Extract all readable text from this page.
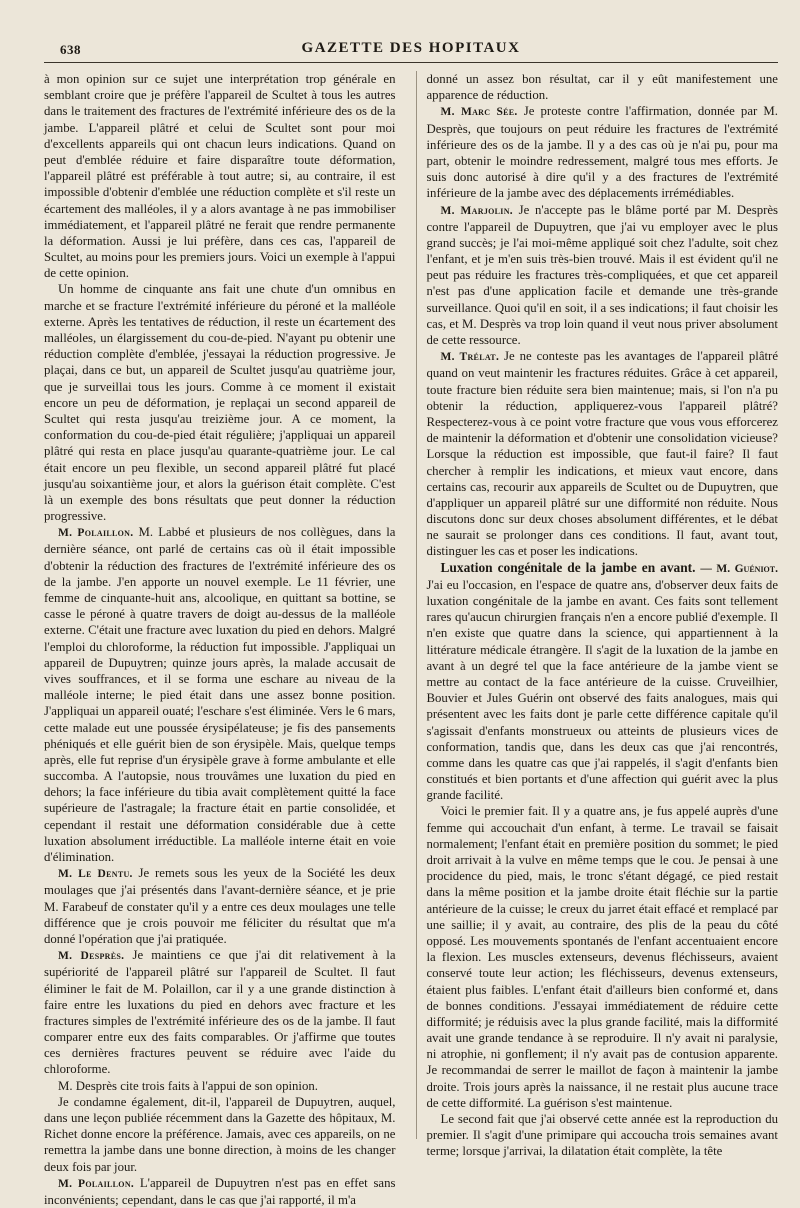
638	GAZETTE DES HOPITAUX

à mon opinion sur ce sujet une interprétation trop générale en semblant croire que je préfère l'appareil de Scultet à tous les autres dans le traitement des fractures de l'extrémité inférieure des os de la jambe. L'appareil plâtré et celui de Scultet sont pour moi d'excellents appareils qui ont chacun leurs indications. Quand on peut d'emblée réduire et faire disparaître toute déformation, l'appareil plâtré est préférable à tout autre; si, au contraire, il est impossible d'obtenir d'emblée une réduction complète et s'il reste un écartement des malléoles, il y a alors avantage à ne pas immobiliser immédiatement, et l'appareil plâtré ne ferait que rendre permanente la déformation. Aussi je lui préfère, dans ces cas, l'appareil de Scultet, au moins pour les premiers jours. Voici un exemple à l'appui de cette opinion.

Un homme de cinquante ans fait une chute d'un omnibus en marche et se fracture l'extrémité inférieure du péroné et la malléole externe. Après les tentatives de réduction, il reste un écartement des malléoles, un élargissement du cou-de-pied. N'ayant pu obtenir une réduction complète d'emblée, j'essayai la réduction progressive. Je plaçai, dans ce but, un appareil de Scultet jusqu'au quatrième jour, que je surveillai tous les jours. Comme à ce moment il existait encore un peu de déformation, je replaçai un second appareil de Scultet qui resta jusqu'au treizième jour. A ce moment, la conformation du cou-de-pied était régulière; j'appliquai un appareil plâtré qui resta en place jusqu'au quarante-quatrième jour. Le cal était encore un peu flexible, un second appareil plâtré fut placé jusqu'au soixantième jour, et alors la guérison était complète. C'est là un exemple des bons résultats que peut donner la réduction progressive.

M. Polaillon. M. Labbé et plusieurs de nos collègues, dans la dernière séance, ont parlé de certains cas où il était impossible d'obtenir la réduction des fractures de l'extrémité inférieure des os de la jambe. J'en apporte un nouvel exemple. Le 11 février, une femme de cinquante-huit ans, alcoolique, en quittant sa bottine, se casse le péroné à quatre travers de doigt au-dessus de la malléole externe. C'était une fracture avec luxation du pied en dehors. Malgré l'emploi du chloroforme, la réduction fut impossible. J'appliquai un appareil de Dupuytren; quinze jours après, la malade accusait de vives souffrances, et il se forma une eschare au niveau de la malléole interne; le pied était dans une assez bonne position. J'appliquai un appareil ouaté; l'eschare s'est éliminée. Vers le 6 mars, cette malade eut une poussée érysipélateuse; je fis des pansements phéniqués et elle guérit bien de son érysipèle. Mais, quelque temps après, elle fut reprise d'un érysipèle grave à forme ambulante et elle succomba. A l'autopsie, nous trouvâmes une luxation du pied en dehors; la face inférieure du tibia avait complètement quitté la face supérieure de l'astragale; la fracture était en partie consolidée, et cependant il restait une déformation considérable due à cette luxation absolument irréductible. La malléole interne était en voie d'élimination.

M. Le Dentu. Je remets sous les yeux de la Société les deux moulages que j'ai présentés dans l'avant-dernière séance, et je prie M. Farabeuf de constater qu'il y a entre ces deux moulages une telle différence que je crois pouvoir me féliciter du résultat que m'a donné l'opération que j'ai pratiquée.

M. Desprès. Je maintiens ce que j'ai dit relativement à la supériorité de l'appareil plâtré sur l'appareil de Scultet. Il faut éliminer le fait de M. Polaillon, car il y a une grande distinction à faire entre les luxations du pied en dehors avec fracture et les fractures simples de l'extrémité inférieure des os de la jambe. Il faut comparer entre eux des faits comparables. Or j'affirme que toutes ces dernières fractures peuvent se réduire avec l'aide du chloroforme.

M. Desprès cite trois faits à l'appui de son opinion.

Je condamne également, dit-il, l'appareil de Dupuytren, auquel, dans une leçon publiée récemment dans la Gazette des hôpitaux, M. Richet donne encore la préférence. Jamais, avec ces appareils, on ne remettra la jambe dans une bonne direction, à moins de les changer deux fois par jour.

M. Polaillon. L'appareil de Dupuytren n'est pas en effet sans inconvénients; cependant, dans le cas que j'ai rapporté, il m'a

donné un assez bon résultat, car il y eût manifestement une apparence de réduction.

M. Marc Sée. Je proteste contre l'affirmation, donnée par M. Desprès, que toujours on peut réduire les fractures de l'extrémité inférieure des os de la jambe. Il y a des cas où je n'ai pu, pour ma part, obtenir le moindre redressement, malgré tous mes efforts. Je suis donc autorisé à dire qu'il y a des fractures de l'extrémité inférieure de la jambe avec des déplacements irrémédiables.

M. Marjolin. Je n'accepte pas le blâme porté par M. Desprès contre l'appareil de Dupuytren, que j'ai vu employer avec le plus grand succès; je l'ai moi-même appliqué soit chez l'adulte, soit chez l'enfant, et je m'en suis très-bien trouvé. Mais il est évident qu'il ne peut pas réduire les fractures très-compliquées, et que cet appareil n'est pas d'une application facile et demande une très-grande surveillance. Quoi qu'il en soit, il a ses indications; il faut choisir les cas, et M. Desprès va trop loin quand il veut nous priver absolument de cette ressource.

M. Trélat. Je ne conteste pas les avantages de l'appareil plâtré quand on veut maintenir les fractures réduites. Grâce à cet appareil, toute fracture bien réduite sera bien maintenue; mais, si l'on n'a pu obtenir la réduction, appliquerez-vous l'appareil plâtré? Respecterez-vous à ce point votre fracture que vous vous efforcerez de maintenir la déformation et d'obtenir une consolidation vicieuse? Lorsque la réduction est impossible, que faut-il faire? Il faut chercher à remplir les indications, et mieux vaut encore, dans certains cas, recourir aux appareils de Scultet ou de Dupuytren, que d'appliquer un appareil plâtré sur une difformité non réduite. Nous discutons donc sur deux choses absolument différentes, et le débat ne saurait se prolonger dans ces conditions. Il faut, avant tout, distinguer les cas et poser les indications.

Luxation congénitale de la jambe en avant. — M. Guéniot. J'ai eu l'occasion, en l'espace de quatre ans, d'observer deux faits de luxation congénitale de la jambe en avant. Ces faits sont tellement rares qu'aucun chirurgien français n'en a encore publié d'exemple. Il n'en existe que quatre dans la science, qui appartiennent à la littérature médicale étrangère. Il s'agit de la luxation de la jambe en avant à un degré tel que la face antérieure de la jambe vient se mettre au contact de la face antérieure de la cuisse. Cruveilhier, Bouvier et Jules Guérin ont observé des faits analogues, mais qui présentent avec les faits dont je parle cette différence capitale qu'il s'agissait d'enfants monstrueux ou atteints de plusieurs vices de conformation, tandis que, dans les deux cas que j'ai rencontrés, comme dans les quatre cas que j'ai rappelés, il s'agit d'enfants bien constitués et bien portants et d'une affection qui guérit avec la plus grande facilité.

Voici le premier fait. Il y a quatre ans, je fus appelé auprès d'une femme qui accouchait d'un enfant, à terme. Le travail se faisait normalement; l'enfant était en première position du sommet; le pied droit arrivait à la vulve en même temps que le cou. Je pensai à une procidence du pied, mais, le tronc s'étant dégagé, ce pied restait dans la même position et la jambe droite était fléchie sur la partie antérieure de la cuisse; le creux du jarret était effacé et remplacé par une saillie; il y avait, au contraire, des plis de la peau du côté opposé. Les mouvements spontanés de l'enfant accentuaient encore la flexion. Les muscles extenseurs, devenus fléchisseurs, avaient conservé toute leur action; les fléchisseurs, devenus extenseurs, étaient plus faibles. L'enfant était d'ailleurs bien conformé et, dans de bonnes conditions. J'essayai immédiatement de réduire cette difformité; je réduisis avec la plus grande facilité, mais la difformité avait une grande tendance à se reproduire. Il n'y avait ni paralysie, ni atrophie, ni gonflement; il n'y avait pas de contusion apparente. Je recommandai de serrer le maillot de façon à maintenir la jambe droite. Trois jours après la naissance, il ne restait plus aucune trace de cette difformité. La guérison s'est maintenue.

Le second fait que j'ai observé cette année est la reproduction du premier. Il s'agit d'une primipare qui accoucha trois semaines avant terme; lorsque j'arrivai, la dilatation était complète, la tête
